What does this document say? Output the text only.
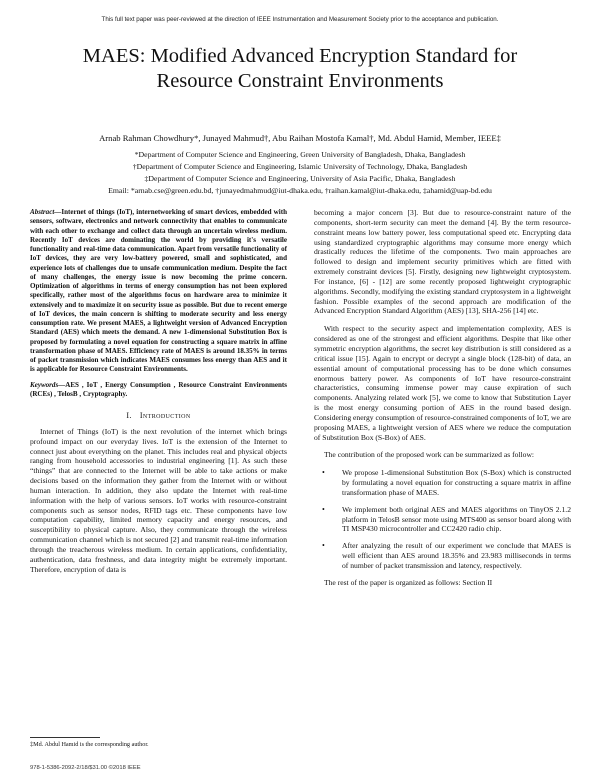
This full text paper was peer-reviewed at the direction of IEEE Instrumentation and Measurement Society prior to the acceptance and publication.
MAES: Modified Advanced Encryption Standard for
Resource Constraint Environments
Arnab Rahman Chowdhury*, Junayed Mahmud†, Abu Raihan Mostofa Kamal†, Md. Abdul Hamid, Member, IEEE‡
*Department of Computer Science and Engineering, Green University of Bangladesh, Dhaka, Bangladesh
†Department of Computer Science and Engineering, Islamic University of Technology, Dhaka, Bangladesh
‡Department of Computer Science and Engineering, University of Asia Pacific, Dhaka, Bangladesh
Email: *arnab.cse@green.edu.bd, †junayedmahmud@iut-dhaka.edu, †raihan.kamal@iut-dhaka.edu, ‡ahamid@uap-bd.edu
Abstract—Internet of things (IoT), internetworking of smart devices, embedded with sensors, software, electronics and network connectivity that enables to communicate with each other to exchange and collect data through an uncertain wireless medium. Recently IoT devices are dominating the world by providing it's versatile functionality and real-time data communication. Apart from versatile functionality of IoT devices, they are very low-battery powered, small and sophisticated, and experience lots of challenges due to unsafe communication medium. Despite the fact of many challenges, the energy issue is now becoming the prime concern. Optimization of algorithms in terms of energy consumption has not been explored specifically, rather most of the algorithms focus on hardware area to minimize it extensively and to maximize it on security issue as possible. But due to recent emerge of IoT devices, the main concern is shifting to moderate security and less energy consumption rate. We present MAES, a lightweight version of Advanced Encryption Standard (AES) which meets the demand. A new 1-dimensional Substitution Box is proposed by formulating a novel equation for constructing a square matrix in affine transformation phase of MAES. Efficiency rate of MAES is around 18.35% in terms of packet transmission which indicates MAES consumes less energy than AES and it is applicable for Resource Constraint Environments.
Keywords—AES , IoT , Energy Consumption , Resource Constraint Environments (RCEs) , TelosB , Cryptography.
I. Introduction

Internet of Things (IoT) is the next revolution of the internet which brings profound impact on our everyday lives. IoT is the extension of the Internet to connect just about everything on the planet. This includes real and physical objects ranging from household accessories to industrial engineering [1]. As such these “things” that are connected to the Internet will be able to take actions or make decisions based on the information they gather from the Internet with or without human interaction. In addition, they also update the Internet with real-time information with the help of various sensors. IoT works with resource-constraint components such as sensor nodes, RFID tags etc. These components have low computation capability, limited memory capacity and energy resources, and susceptibility to physical capture. Also, they communicate through the wireless communication channel which is not secured [2] and transmit real-time information through the treacherous wireless medium. In certain applications, confidentiality, authentication, data freshness, and data integrity might be extremely important. Therefore, encryption of data is

becoming a major concern [3]. But due to resource-constraint nature of the components, short-term security can meet the demand [4]. By the term resource-constraint means low battery power, less computational speed etc. Encrypting data using standardized cryptographic algorithms may consume more energy which drastically reduces the lifetime of the components. Two main approaches are followed to design and implement security primitives which are fitted with extremely constraint devices [5]. Firstly, designing new lightweight cryptosystem. For instance, [6] - [12] are some recently proposed lightweight cryptographic algorithms. Secondly, modifying the existing standard cryptosystem in a lightweight fashion. Possible examples of the second approach are modification of the Advanced Encryption Standard Algorithm (AES) [13], SHA-256 [14] etc.

With respect to the security aspect and implementation complexity, AES is considered as one of the strongest and efficient algorithms. Despite that like other symmetric encryption algorithms, the secret key distribution is still considered as a critical issue [15]. Again to encrypt or decrypt a single block (128-bit) of data, an essential amount of computational processing has to be done which consumes enormous battery power. As components of IoT have resource-constraint characteristics, consuming immense power may cause expiration of such components. Analyzing related work [5], we come to know that Substitution Layer is the most energy consuming portion of AES in the round based design. Considering energy consumption of resource-constrained components of IoT, we are proposing MAES, a lightweight version of AES where we reduce the computation of Substitution Box (S-Box) of AES.

The contribution of the proposed work can be summarized as follow:

• We propose 1-dimensional Substitution Box (S-Box) which is constructed by formulating a novel equation for constructing a square matrix in affine transformation phase of MAES.
• We implement both original AES and MAES algorithms on TinyOS 2.1.2 platform in TelosB sensor mote using MTS400 as sensor board along with TI MSP430 microcontroller and CC2420 radio chip.
• After analyzing the result of our experiment we conclude that MAES is well efficient than AES around 18.35% and 23.983 milliseconds in terms of number of packet transmission and latency, respectively.

The rest of the paper is organized as follows: Section II

‡Md. Abdul Hamid is the corresponding author.
978-1-5386-2092-2/18/$31.00 ©2018 IEEE
